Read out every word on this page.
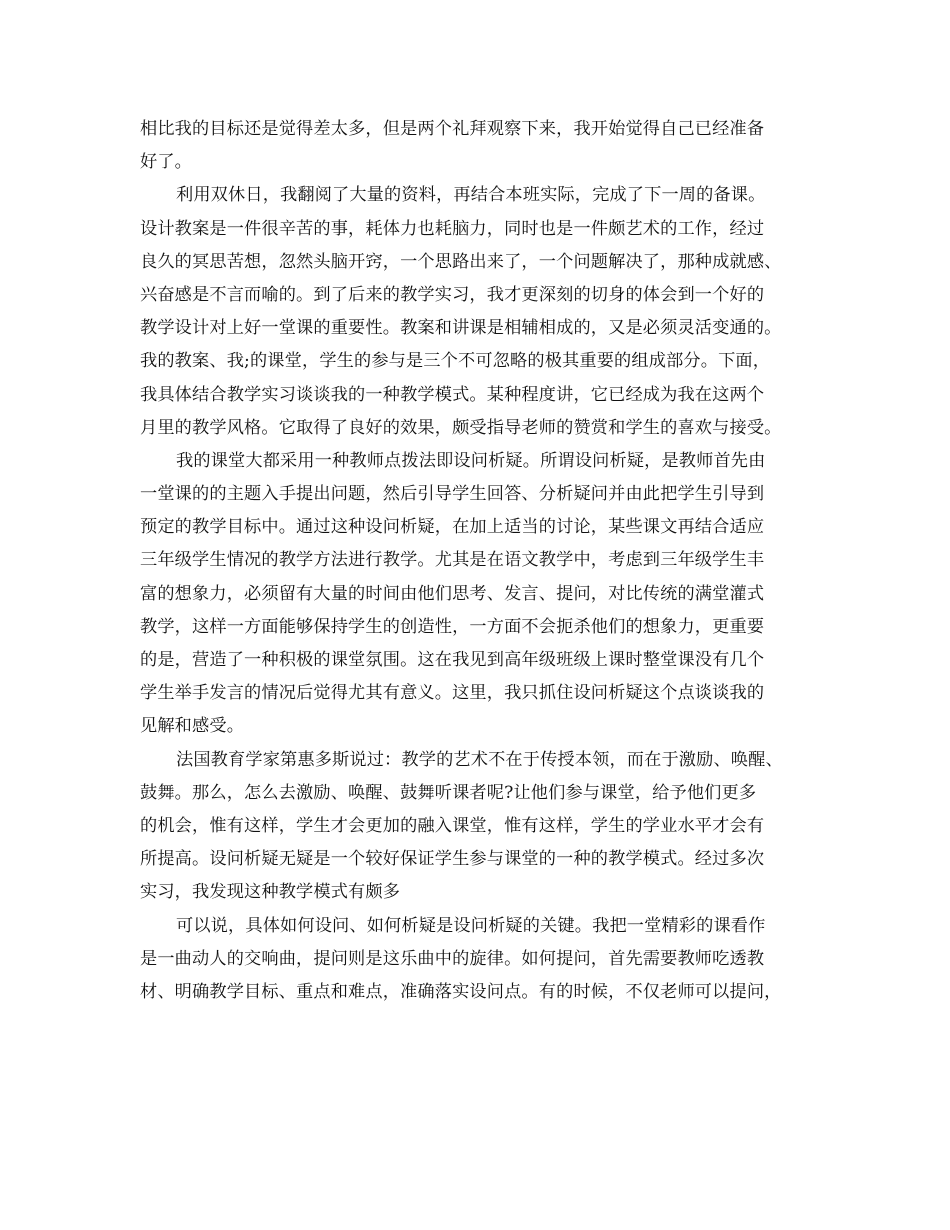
相比我的目标还是觉得差太多，但是两个礼拜观察下来，我开始觉得自己已经准备
好了。
利用双休日，我翻阅了大量的资料，再结合本班实际，完成了下一周的备课。
设计教案是一件很辛苦的事，耗体力也耗脑力，同时也是一件颇艺术的工作，经过
良久的冥思苦想，忽然头脑开窍，一个思路出来了，一个问题解决了，那种成就感、
兴奋感是不言而喻的。到了后来的教学实习，我才更深刻的切身的体会到一个好的
教学设计对上好一堂课的重要性。教案和讲课是相辅相成的，又是必须灵活变通的。
我的教案、我;的课堂，学生的参与是三个不可忽略的极其重要的组成部分。下面，
我具体结合教学实习谈谈我的一种教学模式。某种程度讲，它已经成为我在这两个
月里的教学风格。它取得了良好的效果，颇受指导老师的赞赏和学生的喜欢与接受。
我的课堂大都采用一种教师点拨法即设问析疑。所谓设问析疑，是教师首先由
一堂课的的主题入手提出问题，然后引导学生回答、分析疑问并由此把学生引导到
预定的教学目标中。通过这种设问析疑，在加上适当的讨论，某些课文再结合适应
三年级学生情况的教学方法进行教学。尤其是在语文教学中，考虑到三年级学生丰
富的想象力，必须留有大量的时间由他们思考、发言、提问，对比传统的满堂灌式
教学，这样一方面能够保持学生的创造性，一方面不会扼杀他们的想象力，更重要
的是，营造了一种积极的课堂氛围。这在我见到高年级班级上课时整堂课没有几个
学生举手发言的情况后觉得尤其有意义。这里，我只抓住设问析疑这个点谈谈我的
见解和感受。
法国教育学家第惠多斯说过：教学的艺术不在于传授本领，而在于激励、唤醒、
鼓舞。那么，怎么去激励、唤醒、鼓舞听课者呢?让他们参与课堂，给予他们更多
的机会，惟有这样，学生才会更加的融入课堂，惟有这样，学生的学业水平才会有
所提高。设问析疑无疑是一个较好保证学生参与课堂的一种的教学模式。经过多次
实习，我发现这种教学模式有颇多
可以说，具体如何设问、如何析疑是设问析疑的关键。我把一堂精彩的课看作
是一曲动人的交响曲，提问则是这乐曲中的旋律。如何提问，首先需要教师吃透教
材、明确教学目标、重点和难点，准确落实设问点。有的时候，不仅老师可以提问，
